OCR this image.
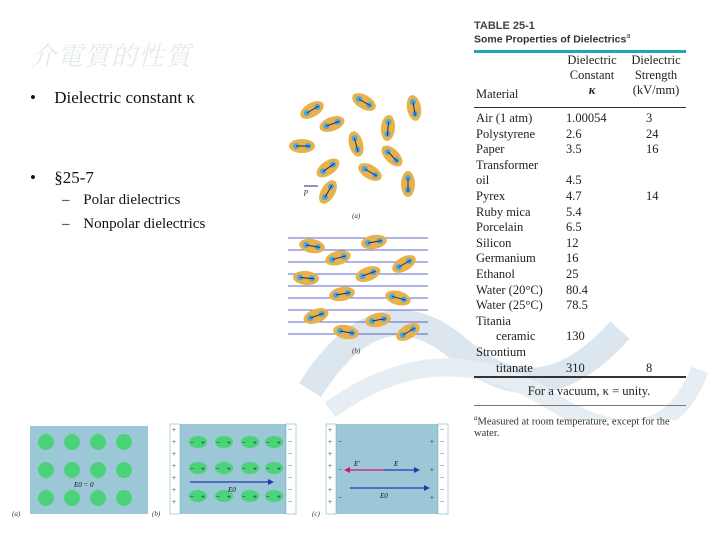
介電質的性質
• Dielectric constant κ
• §25-7
– Polar dielectrics
– Nonpolar dielectrics
p
(a)
(b)
E0 = 0
(a)
+
+
+
+
+
+
+
−
−
−
−
−
−
−
− + − + − + − +
− + − + − + − +
− + − + − + − +
E0
(b)
+
+
+
+
+
+
+
−
−
−
−
−
−
−
−
−
−
+
+
+
E′	E
E0
(c)
TABLE 25-1
Some Properties of Dielectrics$^a$
Dielectric
Constant
κ
Dielectric
Strength
(kV/mm)
Material
Air (1 atm)	1.00054	3
Polystyrene 2.6	24
Paper	3.5	16
Transformer
oil	4.5
Pyrex	4.7	14
Ruby mica	5.4
Porcelain	6.5
Silicon	12
Germanium 16
Ethanol	25
Water (20°C) 80.4
Water (25°C) 78.5
Titania
ceramic 130
Strontium
titanate	310	8
For a vacuum, κ = unity.
$^a$Measured at room temperature, except for the water.
